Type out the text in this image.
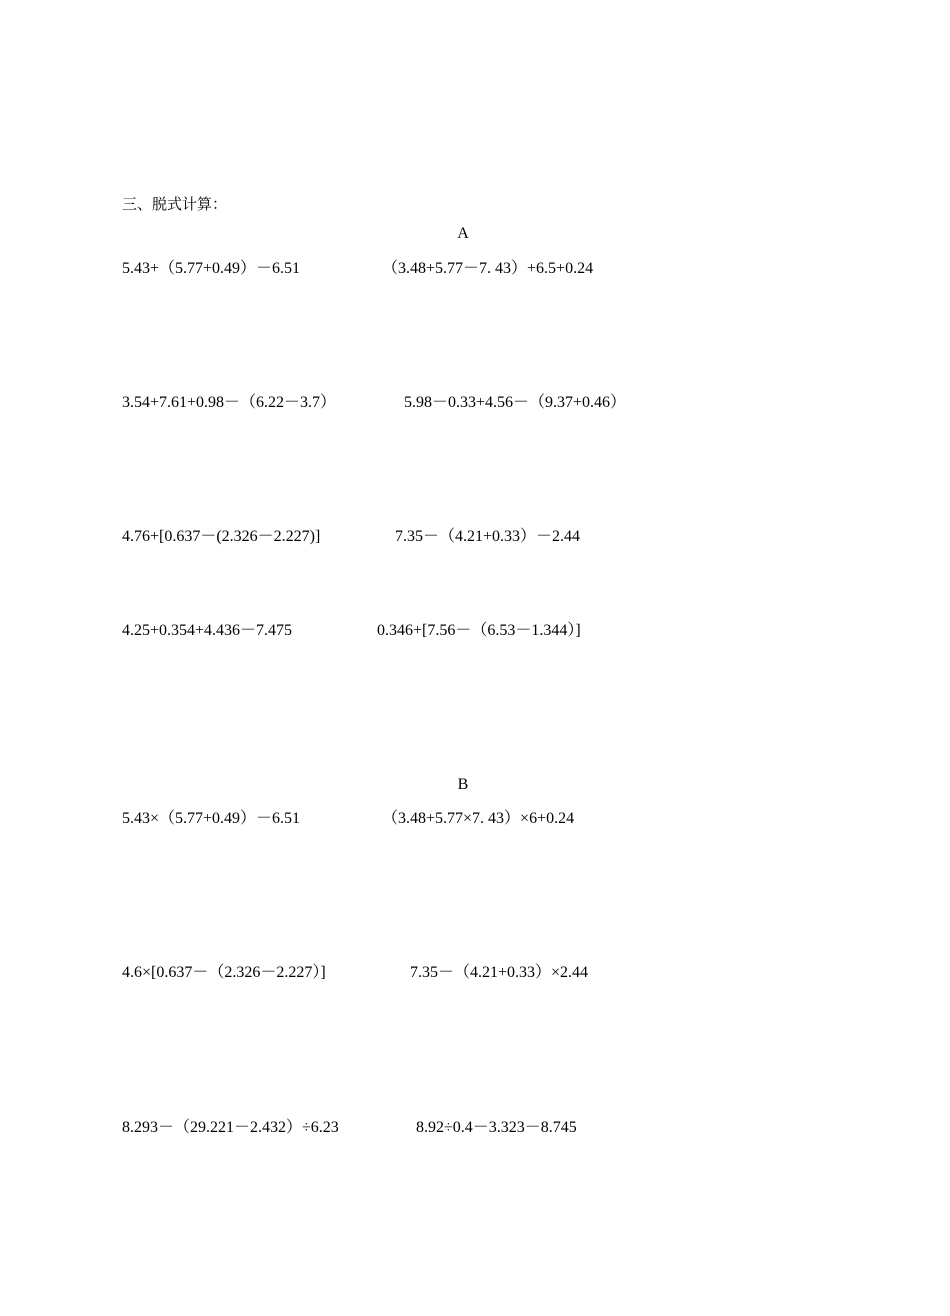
三、脱式计算：
A
5.43+（5.77+0.49）－6.51	（3.48+5.77－7. 43）+6.5+0.24
3.54+7.61+0.98－（6.22－3.7）	5.98－0.33+4.56－（9.37+0.46）
4.76+[0.637－(2.326－2.227)]	7.35－（4.21+0.33）－2.44
4.25+0.354+4.436－7.475	0.346+[7.56－（6.53－1.344）]
B
5.43×（5.77+0.49）－6.51	（3.48+5.77×7. 43）×6+0.24
4.6×[0.637－（2.326－2.227）]	7.35－（4.21+0.33）×2.44
8.293－（29.221－2.432）÷6.23	8.92÷0.4－3.323－8.745
